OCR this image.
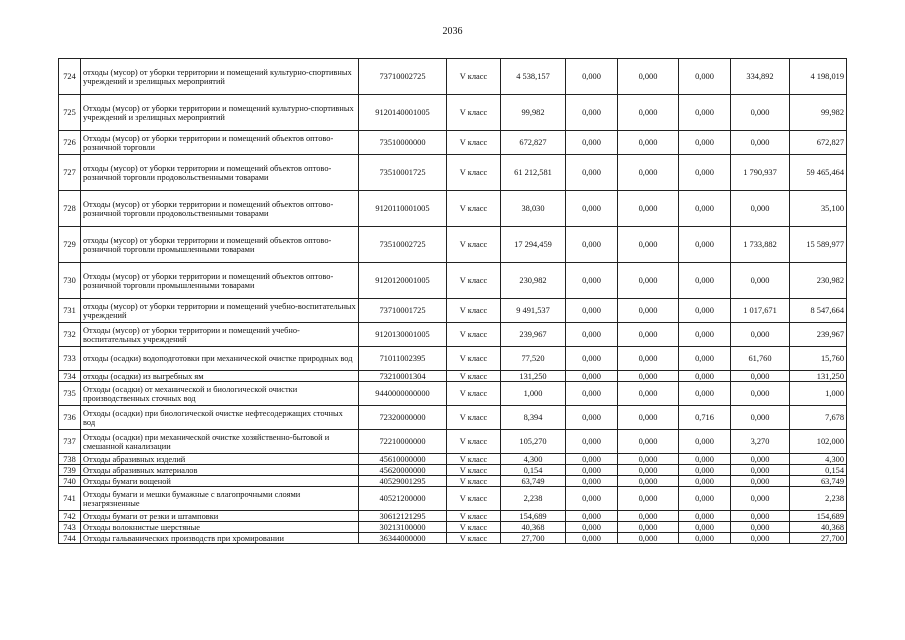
2036
724	отходы (мусор) от уборки территории и помещений культурно-спортивных учреждений и зрелищных мероприятий	73710002725	V класс	4 538,157	0,000	0,000	0,000	334,892	4 198,019
725	Отходы (мусор) от уборки территории и помещений культурно-спортивных учреждений и зрелищных мероприятий	9120140001005	V класс	99,982	0,000	0,000	0,000	0,000	99,982
726	Отходы (мусор) от уборки территории и помещений объектов оптово-розничной торговли	73510000000	V класс	672,827	0,000	0,000	0,000	0,000	672,827
727	отходы (мусор) от уборки территории и помещений объектов оптово-розничной торговли продовольственными товарами	73510001725	V класс	61 212,581	0,000	0,000	0,000	1 790,937	59 465,464
728	Отходы (мусор) от уборки территории и помещений объектов оптово-розничной торговли продовольственными товарами	9120110001005	V класс	38,030	0,000	0,000	0,000	0,000	35,100
729	отходы (мусор) от уборки территории и помещений объектов оптово-розничной торговли промышленными товарами	73510002725	V класс	17 294,459	0,000	0,000	0,000	1 733,882	15 589,977
730	Отходы (мусор) от уборки территории и помещений объектов оптово-розничной торговли промышленными товарами	9120120001005	V класс	230,982	0,000	0,000	0,000	0,000	230,982
731	отходы (мусор) от уборки территории и помещений учебно-воспитательных учреждений	73710001725	V класс	9 491,537	0,000	0,000	0,000	1 017,671	8 547,664
732	Отходы (мусор) от уборки территории и помещений учебно-воспитательных учреждений	9120130001005	V класс	239,967	0,000	0,000	0,000	0,000	239,967
733	отходы (осадки) водоподготовки при механической очистке природных вод	71011002395	V класс	77,520	0,000	0,000	0,000	61,760	15,760
734	отходы (осадки) из выгребных ям	73210001304	V класс	131,250	0,000	0,000	0,000	0,000	131,250
735	Отходы (осадки) от механической и биологической очистки производственных сточных вод	9440000000000	V класс	1,000	0,000	0,000	0,000	0,000	1,000
736	Отходы (осадки) при биологической очистке нефтесодержащих сточных вод	72320000000	V класс	8,394	0,000	0,000	0,716	0,000	7,678
737	Отходы (осадки) при механической очистке хозяйственно-бытовой и смешанной канализации	72210000000	V класс	105,270	0,000	0,000	0,000	3,270	102,000
738	Отходы абразивных изделий	45610000000	V класс	4,300	0,000	0,000	0,000	0,000	4,300
739	Отходы абразивных материалов	45620000000	V класс	0,154	0,000	0,000	0,000	0,000	0,154
740	Отходы бумаги вощеной	40529001295	V класс	63,749	0,000	0,000	0,000	0,000	63,749
741	Отходы бумаги и мешки бумажные с влагопрочными слоями незагрязненные	40521200000	V класс	2,238	0,000	0,000	0,000	0,000	2,238
742	Отходы бумаги от резки и штамповки	30612121295	V класс	154,689	0,000	0,000	0,000	0,000	154,689
743	Отходы волокнистые шерстяные	30213100000	V класс	40,368	0,000	0,000	0,000	0,000	40,368
744	Отходы гальванических производств при хромировании	36344000000	V класс	27,700	0,000	0,000	0,000	0,000	27,700
